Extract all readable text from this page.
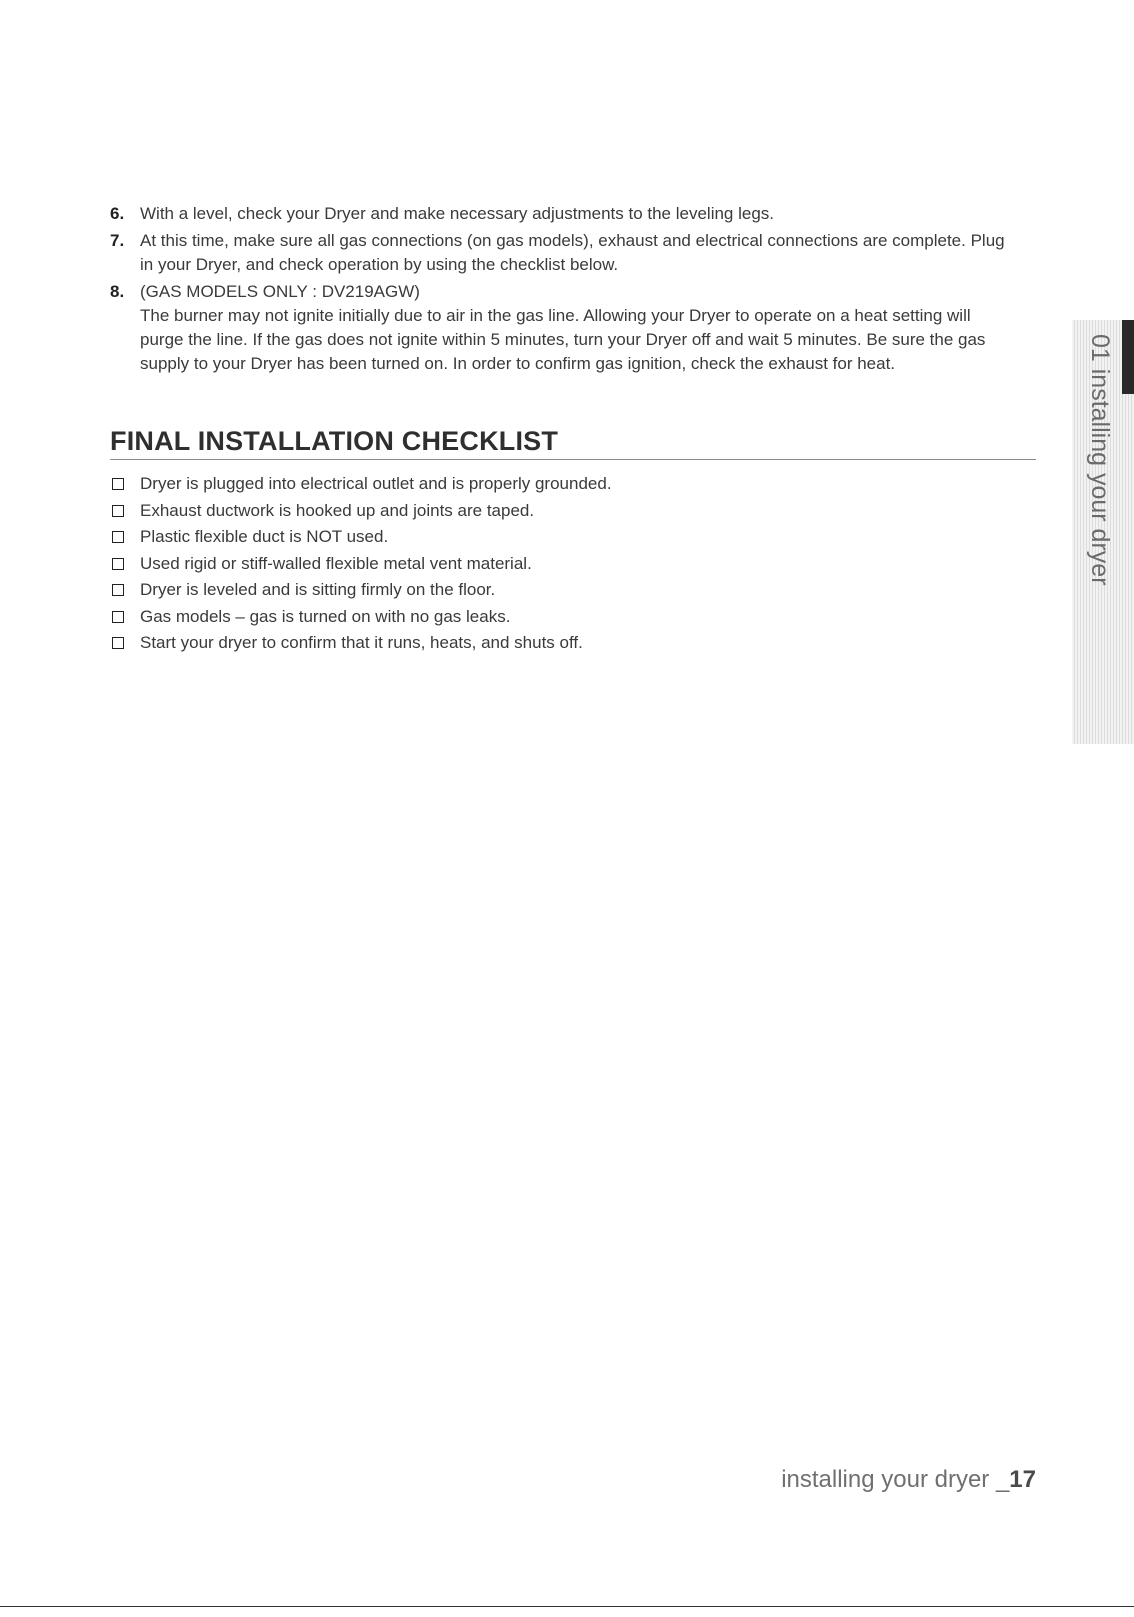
6. With a level, check your Dryer and make necessary adjustments to the leveling legs.
7. At this time, make sure all gas connections (on gas models), exhaust and electrical connections are complete. Plug in your Dryer, and check operation by using the checklist below.
8. (GAS MODELS ONLY : DV219AGW)
The burner may not ignite initially due to air in the gas line. Allowing your Dryer to operate on a heat setting will purge the line. If the gas does not ignite within 5 minutes, turn your Dryer off and wait 5 minutes. Be sure the gas supply to your Dryer has been turned on. In order to confirm gas ignition, check the exhaust for heat.
FINAL INSTALLATION CHECKLIST
Dryer is plugged into electrical outlet and is properly grounded.
Exhaust ductwork is hooked up and joints are taped.
Plastic flexible duct is NOT used.
Used rigid or stiff-walled flexible metal vent material.
Dryer is leveled and is sitting firmly on the floor.
Gas models – gas is turned on with no gas leaks.
Start your dryer to confirm that it runs, heats, and shuts off.
01 installing your dryer
installing your dryer _17
